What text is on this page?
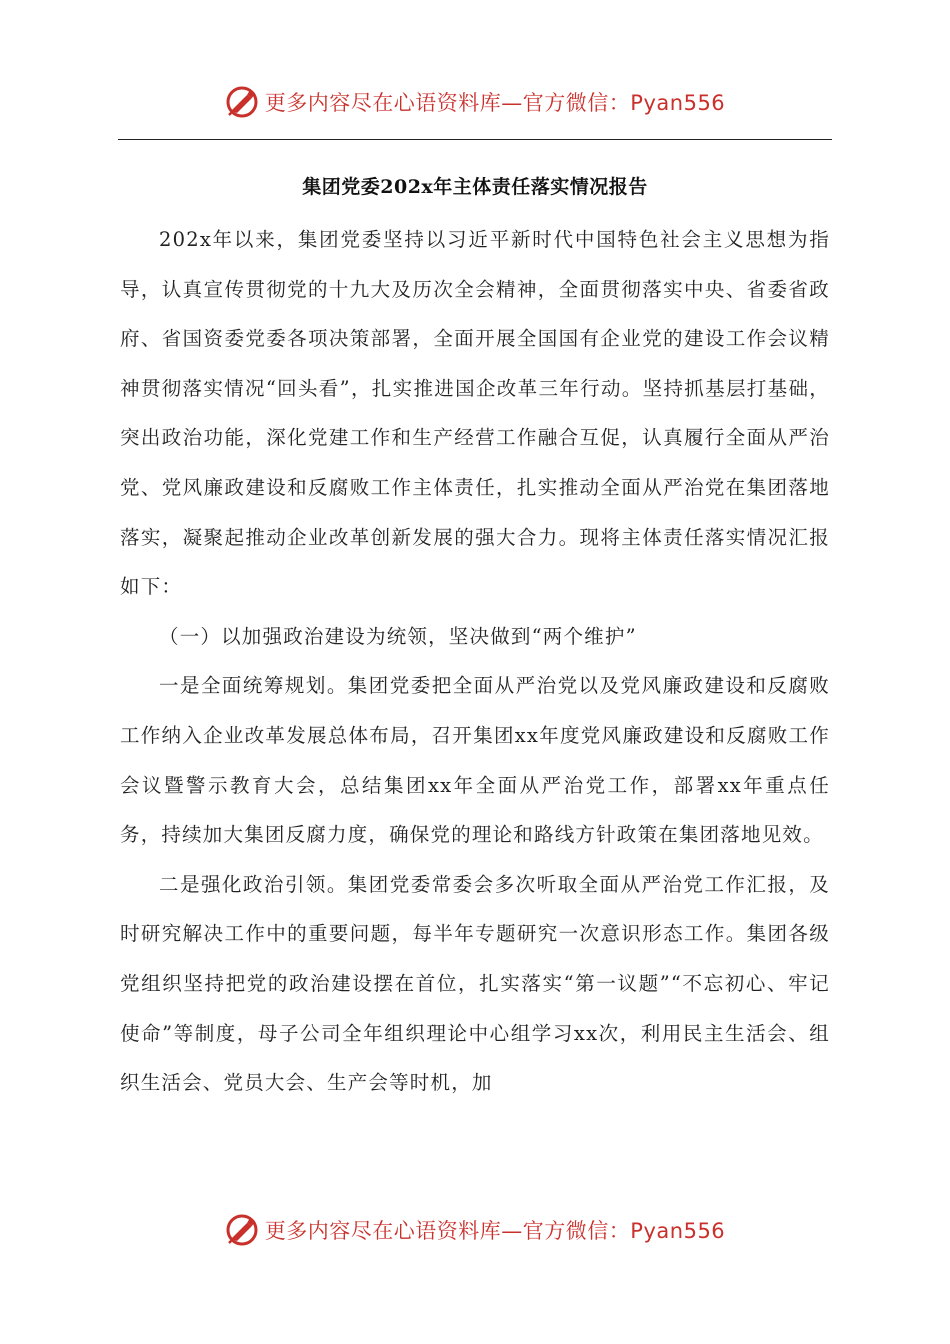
更多内容尽在心语资料库—官方微信：Pyan556
集团党委202x年主体责任落实情况报告

202x年以来，集团党委坚持以习近平新时代中国特色社会主义思想为指导，认真宣传贯彻党的十九大及历次全会精神，全面贯彻落实中央、省委省政府、省国资委党委各项决策部署，全面开展全国国有企业党的建设工作会议精神贯彻落实情况“回头看”，扎实推进国企改革三年行动。坚持抓基层打基础，突出政治功能，深化党建工作和生产经营工作融合互促，认真履行全面从严治党、党风廉政建设和反腐败工作主体责任，扎实推动全面从严治党在集团落地落实，凝聚起推动企业改革创新发展的强大合力。现将主体责任落实情况汇报如下：

（一）以加强政治建设为统领，坚决做到“两个维护”

一是全面统筹规划。集团党委把全面从严治党以及党风廉政建设和反腐败工作纳入企业改革发展总体布局，召开集团xx年度党风廉政建设和反腐败工作会议暨警示教育大会，总结集团xx年全面从严治党工作，部署xx年重点任务，持续加大集团反腐力度，确保党的理论和路线方针政策在集团落地见效。

二是强化政治引领。集团党委常委会多次听取全面从严治党工作汇报，及时研究解决工作中的重要问题，每半年专题研究一次意识形态工作。集团各级党组织坚持把党的政治建设摆在首位，扎实落实“第一议题”“不忘初心、牢记使命”等制度，母子公司全年组织理论中心组学习xx次，利用民主生活会、组织生活会、党员大会、生产会等时机，加

更多内容尽在心语资料库—官方微信：Pyan556
